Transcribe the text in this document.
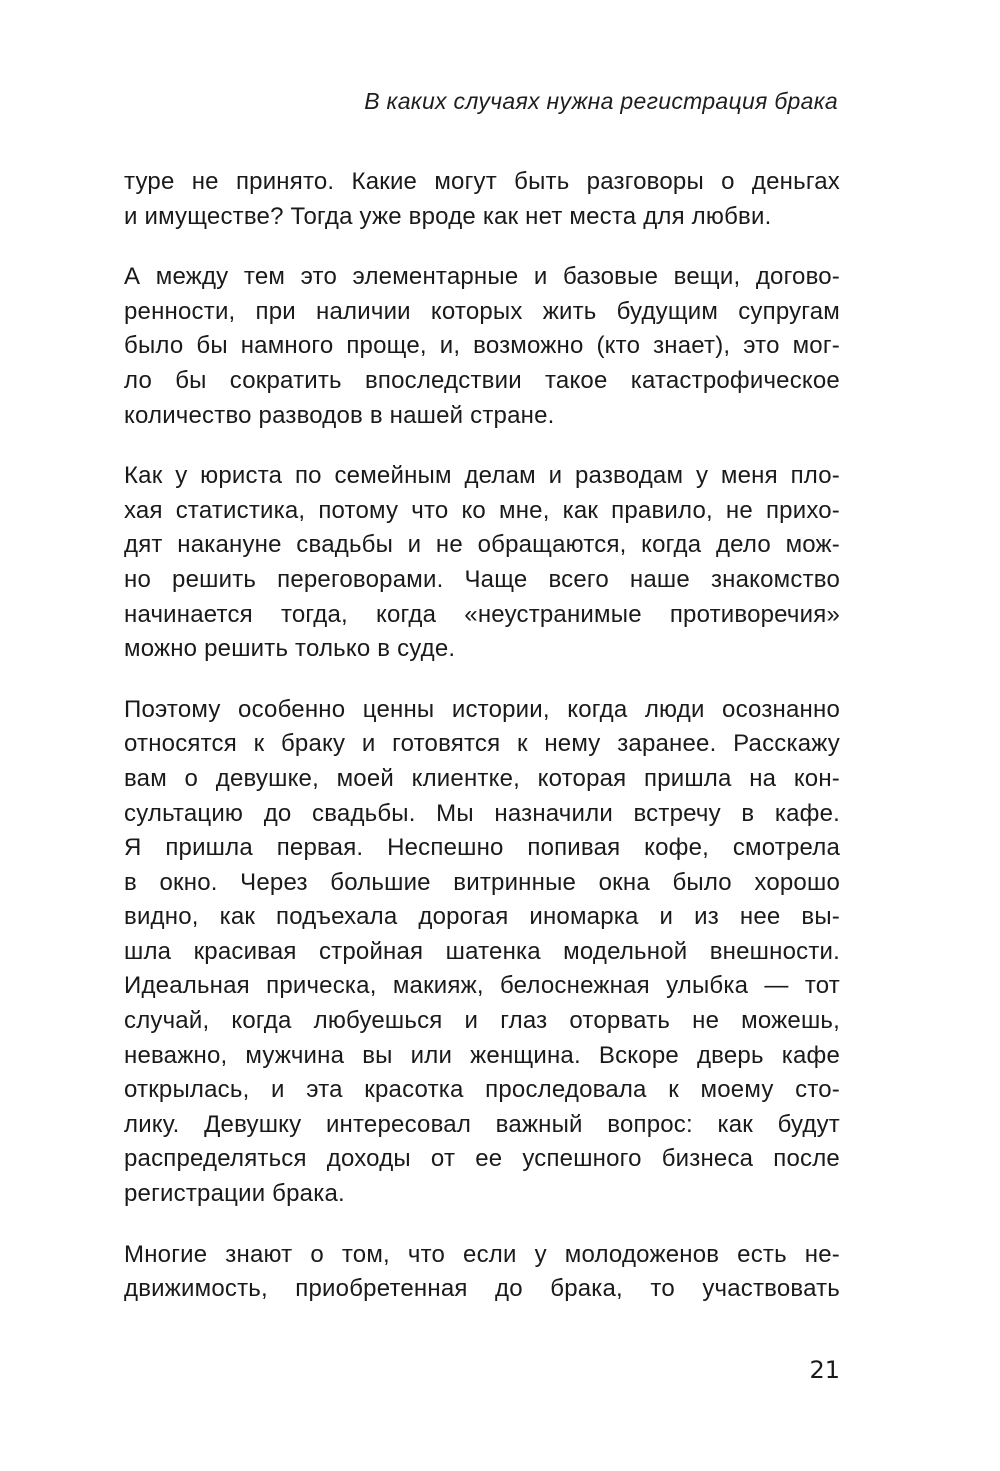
В каких случаях нужна регистрация брака

туре не принято. Какие могут быть разговоры о деньгах
и имуществе? Тогда уже вроде как нет места для любви.

А между тем это элементарные и базовые вещи, догово-
ренности, при наличии которых жить будущим супругам
было бы намного проще, и, возможно (кто знает), это мог-
ло бы сократить впоследствии такое катастрофическое
количество разводов в нашей стране.

Как у юриста по семейным делам и разводам у меня пло-
хая статистика, потому что ко мне, как правило, не прихо-
дят накануне свадьбы и не обращаются, когда дело мож-
но решить переговорами. Чаще всего наше знакомство
начинается тогда, когда «неустранимые противоречия»
можно решить только в суде.

Поэтому особенно ценны истории, когда люди осознанно
относятся к браку и готовятся к нему заранее. Расскажу
вам о девушке, моей клиентке, которая пришла на кон-
сультацию до свадьбы. Мы назначили встречу в кафе.
Я пришла первая. Неспешно попивая кофе, смотрела
в окно. Через большие витринные окна было хорошо
видно, как подъехала дорогая иномарка и из нее вы-
шла красивая стройная шатенка модельной внешности.
Идеальная прическа, макияж, белоснежная улыбка — тот
случай, когда любуешься и глаз оторвать не можешь,
неважно, мужчина вы или женщина. Вскоре дверь кафе
открылась, и эта красотка проследовала к моему сто-
лику. Девушку интересовал важный вопрос: как будут
распределяться доходы от ее успешного бизнеса после
регистрации брака.

Многие знают о том, что если у молодоженов есть не-
движимость, приобретенная до брака, то участвовать

21
